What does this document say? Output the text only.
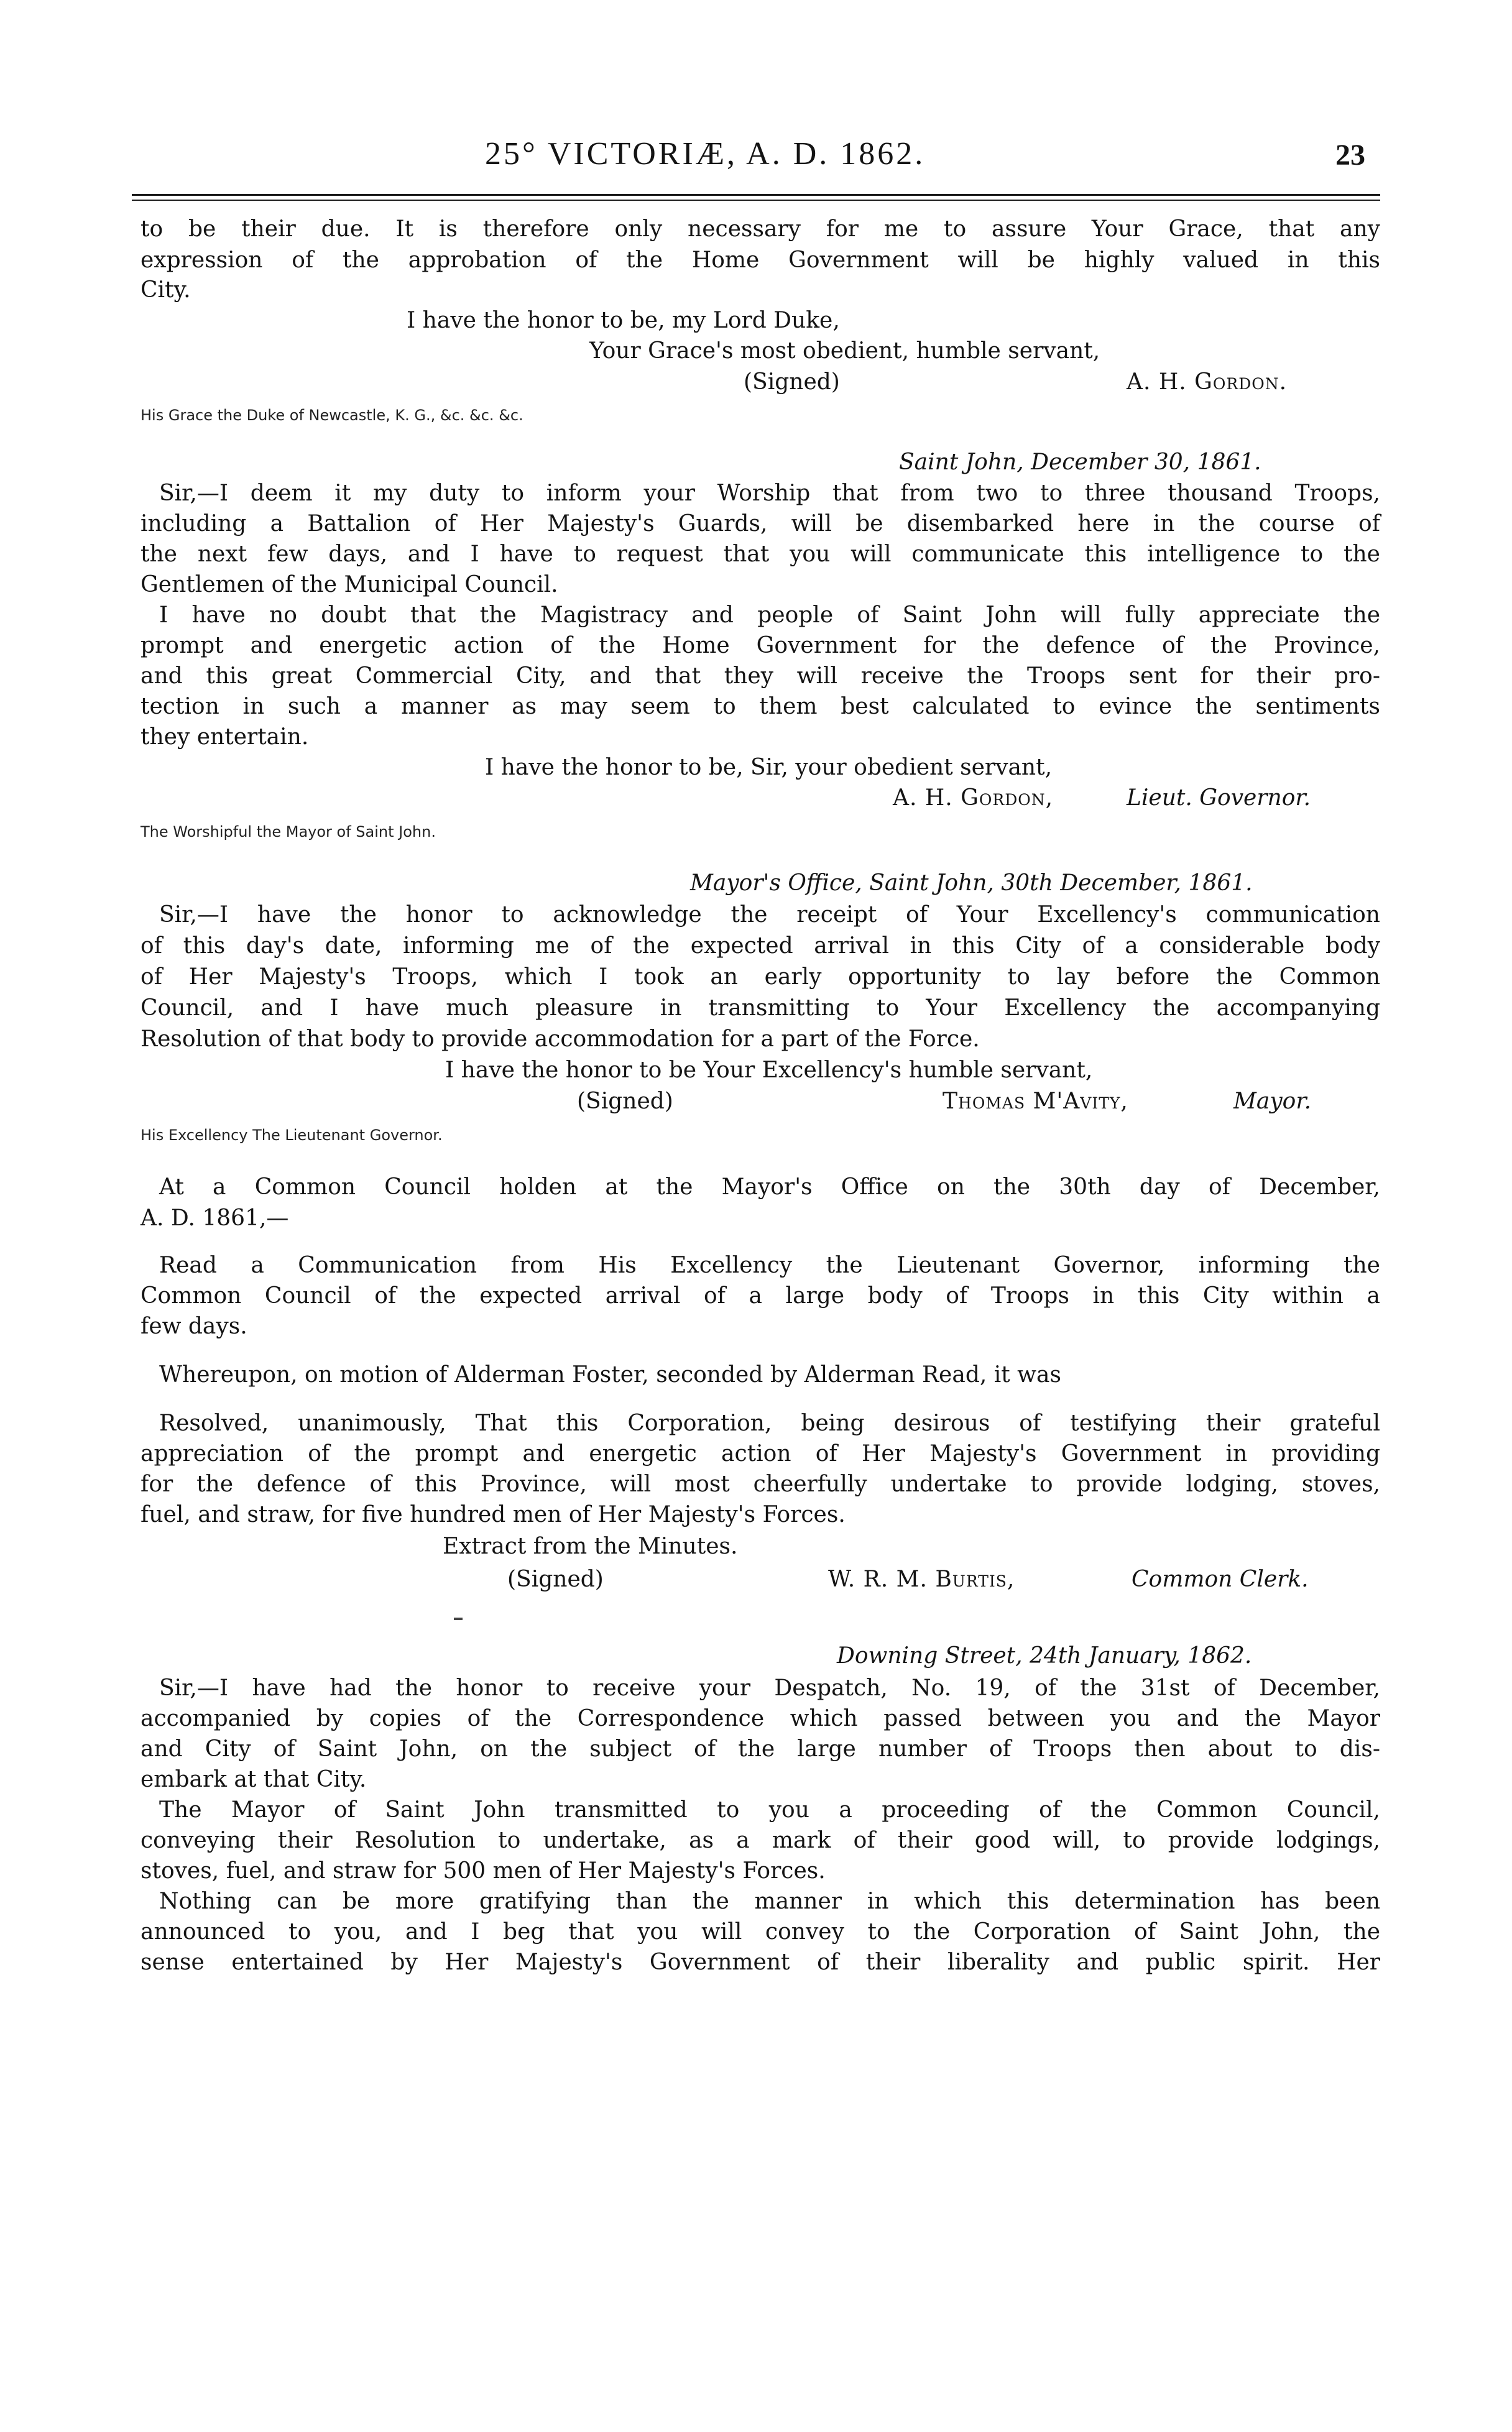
25° VICTORIÆ, A. D. 1862.	23
to be their due. It is therefore only necessary for me to assure Your Grace, that any
expression of the approbation of the Home Government will be highly valued in this
City.
I have the honor to be, my Lord Duke,
Your Grace's most obedient, humble servant,
(Signed)	A. H. Gordon.
His Grace the Duke of Newcastle, K. G., &c. &c. &c.
Saint John, December 30, 1861.
Sir,—I deem it my duty to inform your Worship that from two to three thousand Troops,
including a Battalion of Her Majesty's Guards, will be disembarked here in the course of
the next few days, and I have to request that you will communicate this intelligence to the
Gentlemen of the Municipal Council.
I have no doubt that the Magistracy and people of Saint John will fully appreciate the
prompt and energetic action of the Home Government for the defence of the Province,
and this great Commercial City, and that they will receive the Troops sent for their pro-
tection in such a manner as may seem to them best calculated to evince the sentiments
they entertain.
I have the honor to be, Sir, your obedient servant,
A. H. Gordon,	Lieut. Governor.
The Worshipful the Mayor of Saint John.
Mayor's Office, Saint John, 30th December, 1861.
Sir,—I have the honor to acknowledge the receipt of Your Excellency's communication
of this day's date, informing me of the expected arrival in this City of a considerable body
of Her Majesty's Troops, which I took an early opportunity to lay before the Common
Council, and I have much pleasure in transmitting to Your Excellency the accompanying
Resolution of that body to provide accommodation for a part of the Force.
I have the honor to be Your Excellency's humble servant,
(Signed)	Thomas M'Avity,	Mayor.
His Excellency The Lieutenant Governor.
At a Common Council holden at the Mayor's Office on the 30th day of December,
A. D. 1861,—
Read a Communication from His Excellency the Lieutenant Governor, informing the
Common Council of the expected arrival of a large body of Troops in this City within a
few days.
Whereupon, on motion of Alderman Foster, seconded by Alderman Read, it was
Resolved, unanimously, That this Corporation, being desirous of testifying their grateful
appreciation of the prompt and energetic action of Her Majesty's Government in providing
for the defence of this Province, will most cheerfully undertake to provide lodging, stoves,
fuel, and straw, for five hundred men of Her Majesty's Forces.
Extract from the Minutes.
(Signed)	W. R. M. Burtis,	Common Clerk.
Downing Street, 24th January, 1862.
Sir,—I have had the honor to receive your Despatch, No. 19, of the 31st of December,
accompanied by copies of the Correspondence which passed between you and the Mayor
and City of Saint John, on the subject of the large number of Troops then about to dis-
embark at that City.
The Mayor of Saint John transmitted to you a proceeding of the Common Council,
conveying their Resolution to undertake, as a mark of their good will, to provide lodgings,
stoves, fuel, and straw for 500 men of Her Majesty's Forces.
Nothing can be more gratifying than the manner in which this determination has been
announced to you, and I beg that you will convey to the Corporation of Saint John, the
sense entertained by Her Majesty's Government of their liberality and public spirit. Her
